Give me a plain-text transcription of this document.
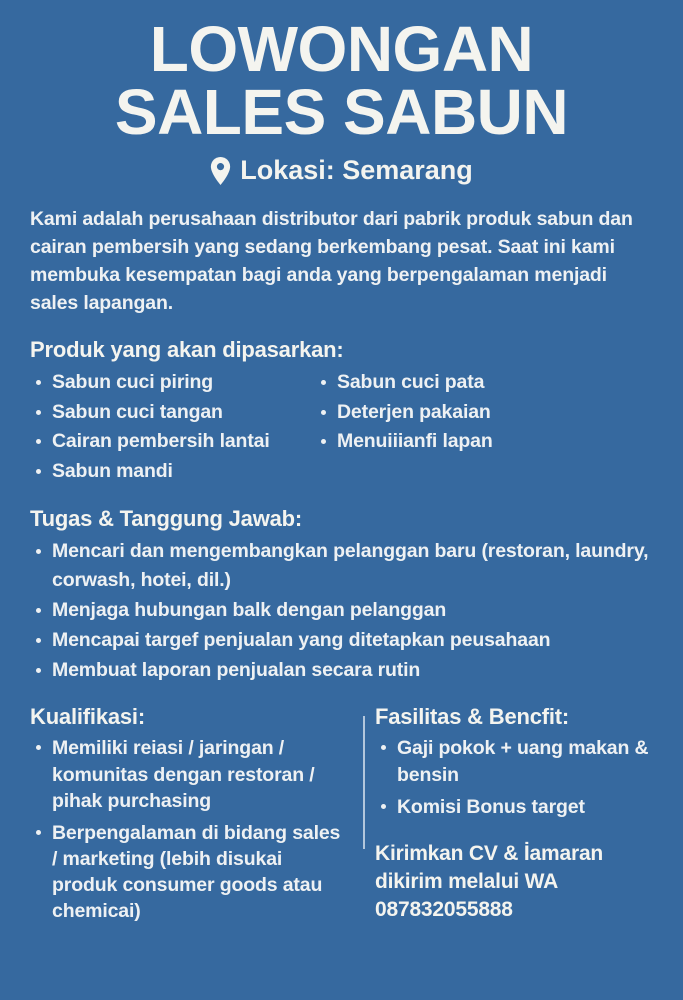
LOWONGAN
SALES SABUN
Lokasi: Semarang

Kami adalah perusahaan distributor dari pabrik produk sabun dan cairan pembersih yang sedang berkembang pesat. Saat ini kami membuka kesempatan bagi anda yang berpengalaman menjadi sales lapangan.

Produk yang akan dipasarkan:
Sabun cuci piring
Sabun cuci tangan
Cairan pembersih lantai
Sabun mandi
Sabun cuci pata
Deterjen pakaian
Menuiiianfi lapan
Tugas & Tanggung Jawab:
Mencari dan mengembangkan pelanggan baru (restoran, laundry, corwash, hotei, dil.)
Menjaga hubungan balk dengan pelanggan
Mencapai targef penjualan yang ditetapkan peusahaan
Membuat laporan penjualan secara rutin
Kualifikasi:
Memiliki reiasi / jaringan / komunitas dengan restoran / pihak purchasing
Berpengalaman di bidang sales / marketing (lebih disukai produk consumer goods atau chemicai)
Fasilitas & Bencfit:
Gaji pokok + uang makan & bensin
Komisi Bonus target
Kirimkan CV & İamaran
dikirim melalui WA
087832055888
